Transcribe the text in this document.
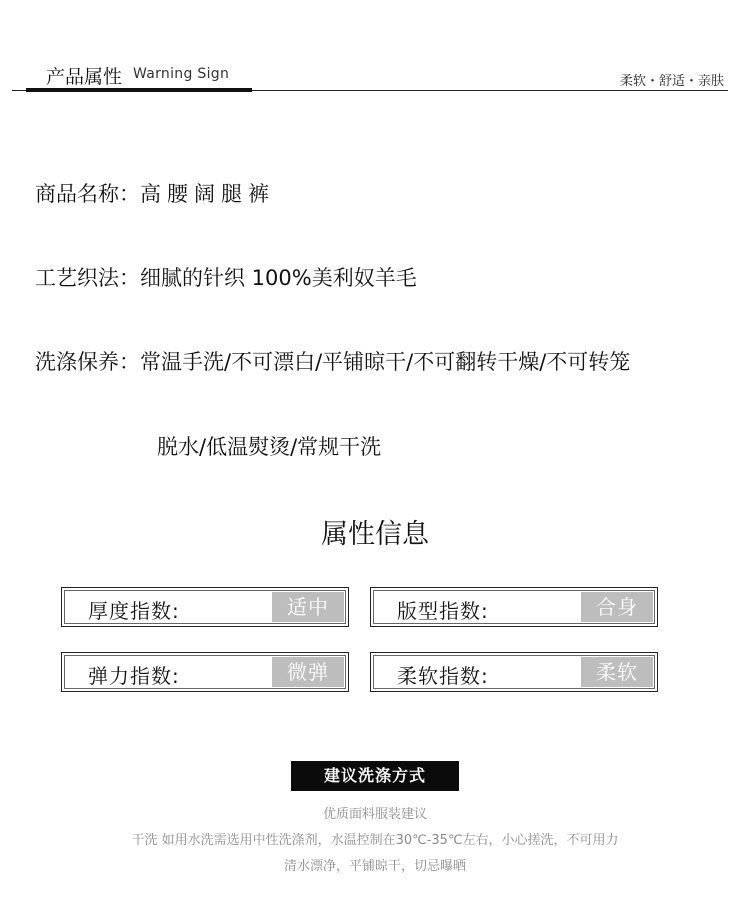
产品属性 Warning Sign	柔软・舒适・亲肤
商品名称：高腰阔腿裤
工艺织法：细腻的针织 100%美利奴羊毛
洗涤保养：常温手洗/不可漂白/平铺晾干/不可翻转干燥/不可转笼
脱水/低温熨烫/常规干洗
属性信息
厚度指数:	适中	版型指数:	合身
弹力指数:	微弹	柔软指数:	柔软
建议洗涤方式
优质面料服装建议
干洗 如用水洗需选用中性洗涤剂，水温控制在30℃-35℃左右，小心搓洗，不可用力
清水漂净，平铺晾干，切忌曝晒
